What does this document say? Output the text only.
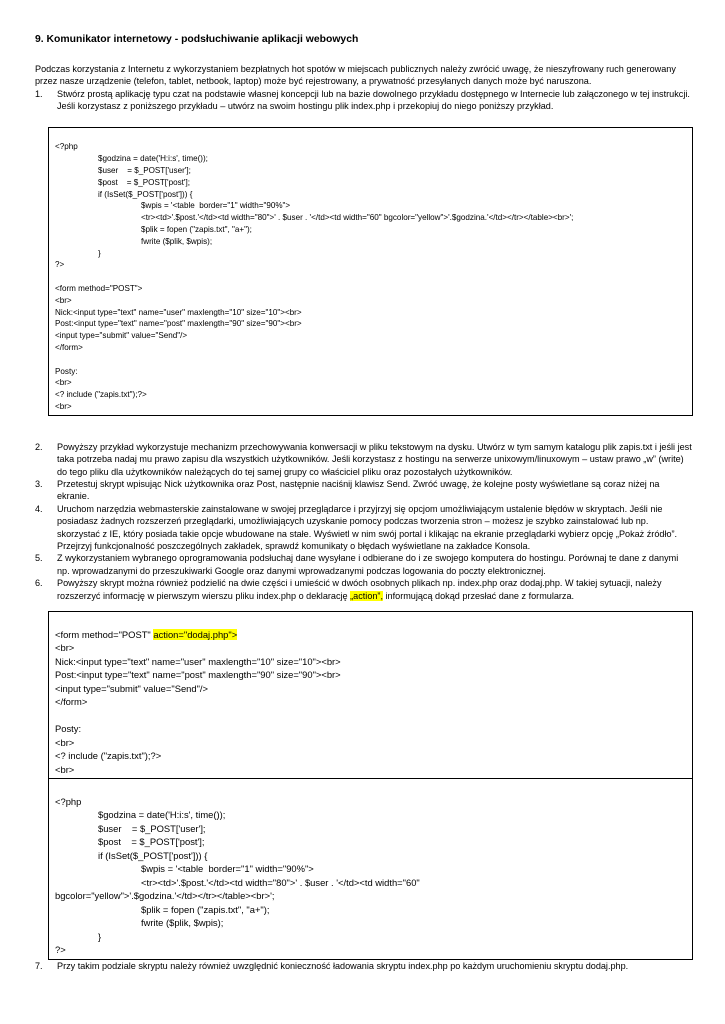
9. Komunikator internetowy - podsłuchiwanie aplikacji webowych

Podczas korzystania z Internetu z wykorzystaniem bezpłatnych hot spotów w miejscach publicznych należy zwrócić uwagę, że nieszyfrowany ruch generowany przez nasze urządzenie (telefon, tablet, netbook, laptop) może być rejestrowany, a prywatność przesyłanych danych może być naruszona.

1. Stwórz prostą aplikację typu czat na podstawie własnej koncepcji lub na bazie dowolnego przykładu dostępnego w Internecie lub załączonego w tej instrukcji. Jeśli korzystasz z poniższego przykładu – utwórz na swoim hostingu plik index.php i przekopiuj do niego poniższy przykład.

<?php
$godzina = date('H:i:s', time());
$user    = $_POST['user'];
$post    = $_POST['post'];
if (IsSet($_POST['post'])) {
$wpis = '<table  border="1" width="90%">
<tr><td>'.$post.'</td><td width="80">' . $user . '</td><td width="60" bgcolor="yellow">'.$godzina.'</td></tr></table><br>';
$plik = fopen ("zapis.txt", "a+");
fwrite ($plik, $wpis);
}
?>
<form method="POST">
<br>
Nick:<input type="text" name="user" maxlength="10" size="10"><br>
Post:<input type="text" name="post" maxlength="90" size="90"><br>
<input type="submit" value="Send"/>
</form>
Posty:
<br>
<? include ("zapis.txt");?>
<br>
2. Powyższy przykład wykorzystuje mechanizm przechowywania konwersacji w pliku tekstowym na dysku. Utwórz w tym samym katalogu plik zapis.txt i jeśli jest taka potrzeba nadaj mu prawo zapisu dla wszystkich użytkowników. Jeśli korzystasz z hostingu na serwerze unixowym/linuxowym – ustaw prawo „w” (write) do tego pliku dla użytkowników należących do tej samej grupy co właściciel pliku oraz pozostałych użytkowników.
3. Przetestuj skrypt wpisując Nick użytkownika oraz Post, następnie naciśnij klawisz Send. Zwróć uwagę, że kolejne posty wyświetlane są coraz niżej na ekranie.
4. Uruchom narzędzia webmasterskie zainstalowane w swojej przeglądarce i przyjrzyj się opcjom umożliwiającym ustalenie błędów w skryptach. Jeśli nie posiadasz żadnych rozszerzeń przeglądarki, umożliwiających uzyskanie pomocy podczas tworzenia stron – możesz je szybko zainstalować lub np. skorzystać z IE, który posiada takie opcje wbudowane na stałe. Wyświetl w nim swój portal i klikając na ekranie przeglądarki wybierz opcję „Pokaż źródło”. Przejrzyj funkcjonalność poszczególnych zakładek, sprawdź komunikaty o błędach wyświetlane na zakładce Konsola.
5. Z wykorzystaniem wybranego oprogramowania podsłuchaj dane wysyłane i odbierane do i ze swojego komputera do hostingu. Porównaj te dane z danymi np. wprowadzanymi do przeszukiwarki Google oraz danymi wprowadzanymi podczas logowania do poczty elektronicznej.
6. Powyższy skrypt można również podzielić na dwie części i umieścić w dwóch osobnych plikach np. index.php oraz dodaj.php. W takiej sytuacji, należy rozszerzyć informację w pierwszym wierszu pliku index.php o deklarację „action”, informującą dokąd przesłać dane z formularza.

<form method="POST" action="dodaj.php">
<br>
Nick:<input type="text" name="user" maxlength="10" size="10"><br>
Post:<input type="text" name="post" maxlength="90" size="90"><br>
<input type="submit" value="Send"/>
</form>
Posty:
<br>
<? include ("zapis.txt");?>
<br>

<?php
$godzina = date('H:i:s', time());
$user    = $_POST['user'];
$post    = $_POST['post'];
if (IsSet($_POST['post'])) {
$wpis = '<table  border="1" width="90%">
<tr><td>'.$post.'</td><td width="80">' . $user . '</td><td width="60"
bgcolor="yellow">'.$godzina.'</td></tr></table><br>';
$plik = fopen ("zapis.txt", "a+");
fwrite ($plik, $wpis);
}
?>
7. Przy takim podziale skryptu należy również uwzględnić konieczność ładowania skryptu index.php po każdym uruchomieniu skryptu dodaj.php.
